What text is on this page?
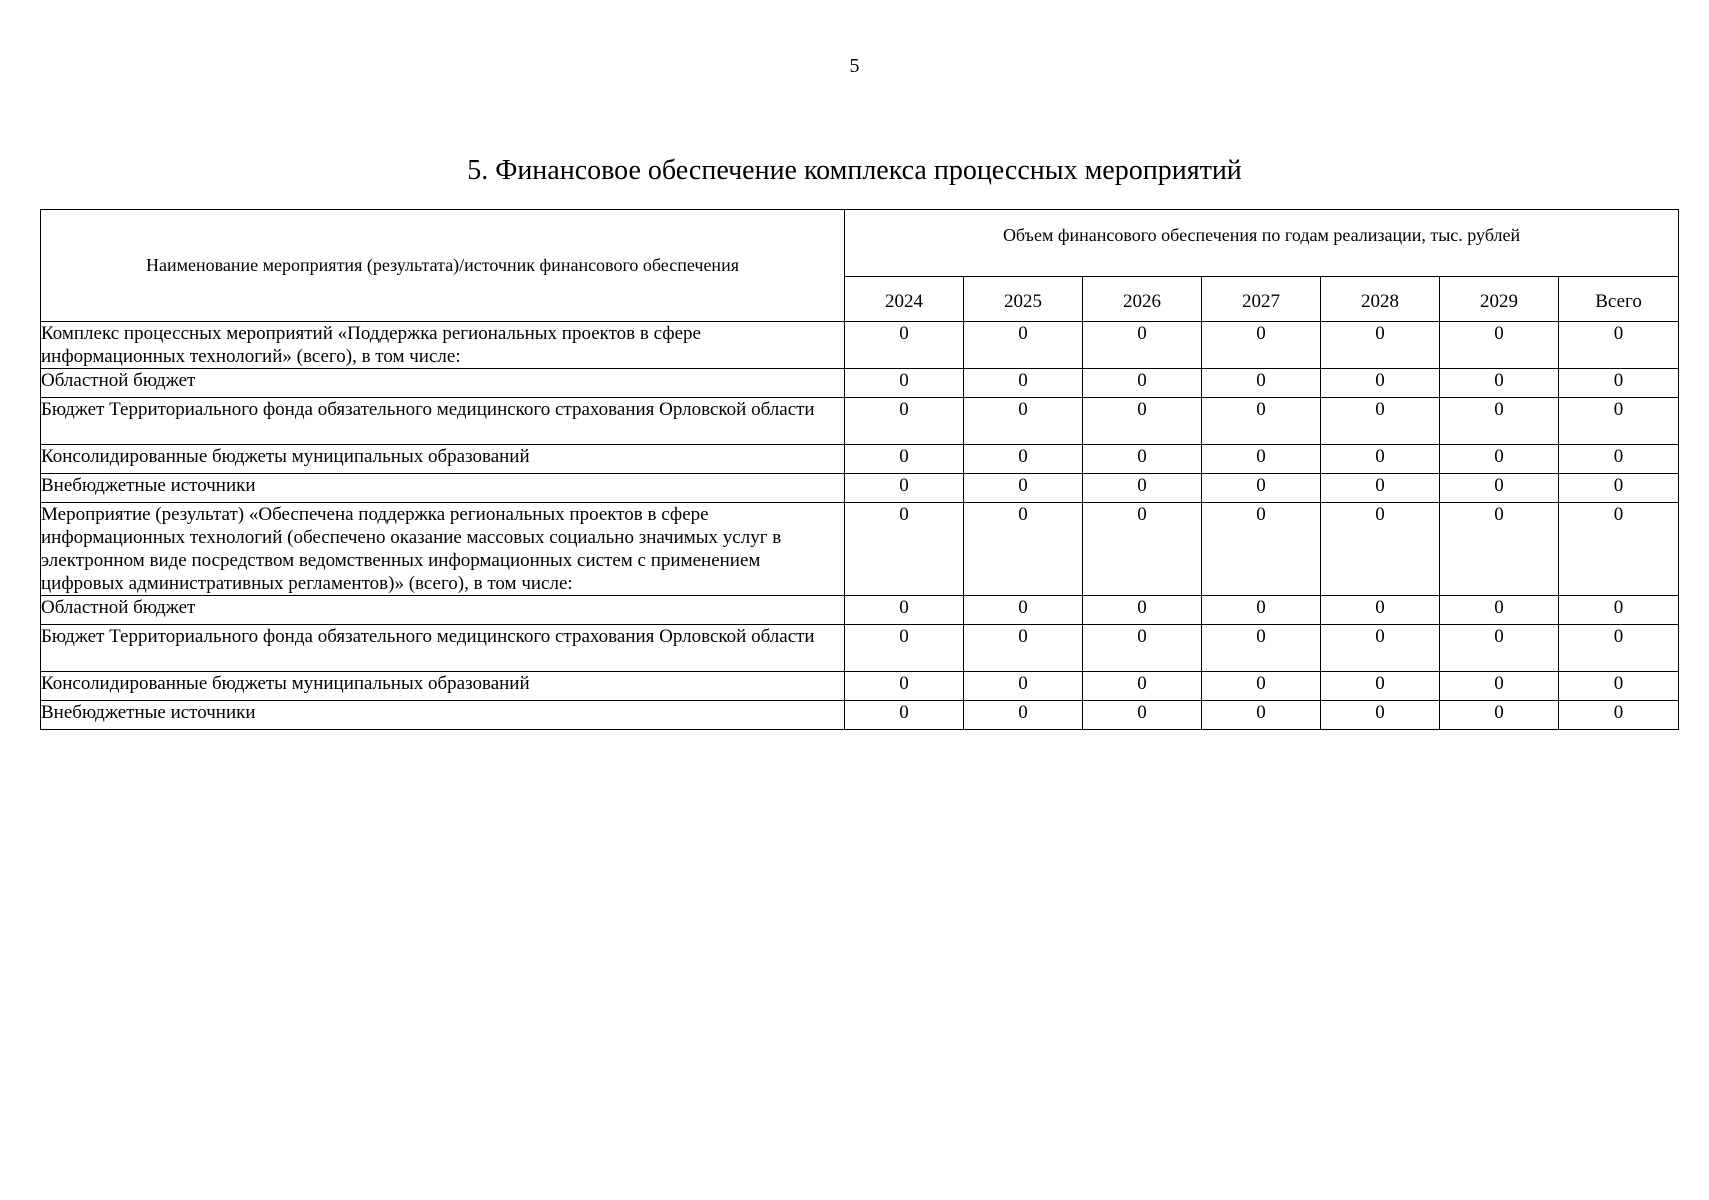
5
5. Финансовое обеспечение комплекса процессных мероприятий
Наименование мероприятия (результата)/источник финансового обеспечения	Объем финансового обеспечения по годам реализации, тыс. рублей						
	2024	2025	2026	2027	2028	2029	Всего
Комплекс процессных мероприятий «Поддержка региональных проектов в сфере информационных технологий» (всего), в том числе:	0	0	0	0	0	0	0
Областной бюджет	0	0	0	0	0	0	0
Бюджет Территориального фонда обязательного медицинского страхования Орловской области	0	0	0	0	0	0	0
Консолидированные бюджеты муниципальных образований	0	0	0	0	0	0	0
Внебюджетные источники	0	0	0	0	0	0	0
Мероприятие (результат) «Обеспечена поддержка региональных проектов в сфере информационных технологий (обеспечено оказание массовых социально значимых услуг в электронном виде посредством ведомственных информационных систем с применением цифровых административных регламентов)» (всего), в том числе:	0	0	0	0	0	0	0
Областной бюджет	0	0	0	0	0	0	0
Бюджет Территориального фонда обязательного медицинского страхования Орловской области	0	0	0	0	0	0	0
Консолидированные бюджеты муниципальных образований	0	0	0	0	0	0	0
Внебюджетные источники	0	0	0	0	0	0	0
